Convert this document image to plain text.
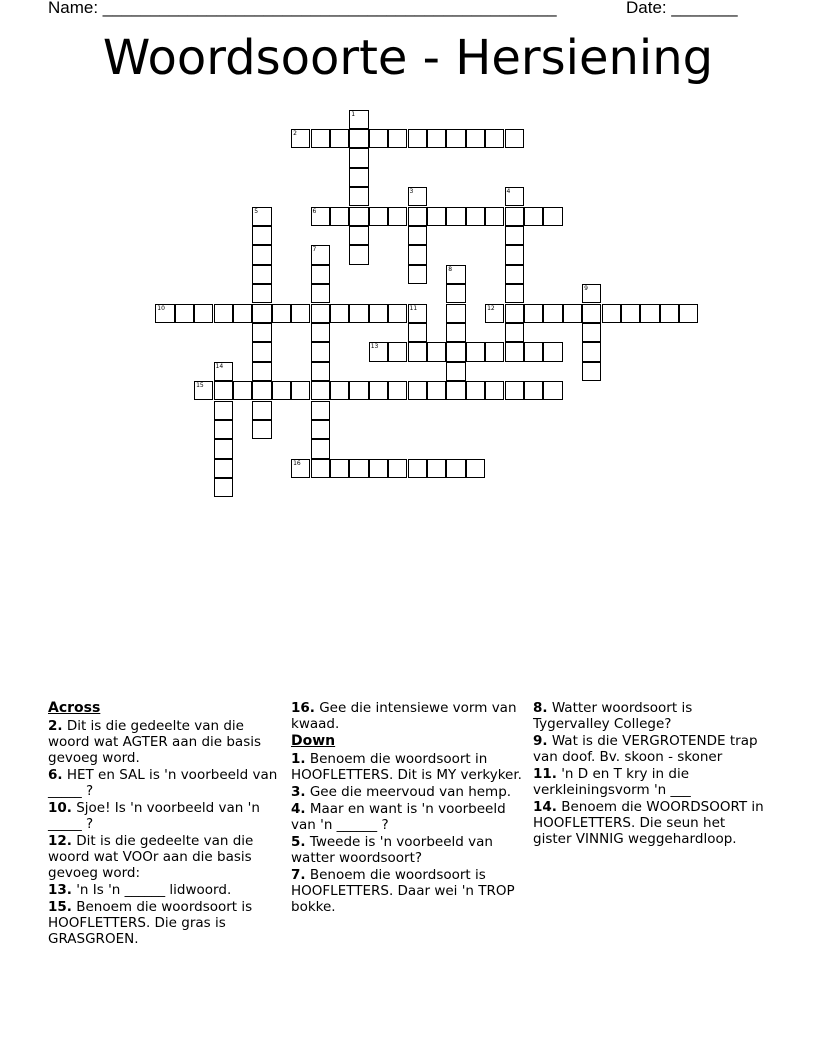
Name: ________________________________________________	Date: _______
Woordsoorte - Hersiening
1
2
3	4
5	6
7
8
9
10	11	12
13
14
15
16
Across
2. Dit is die gedeelte van die woord wat AGTER aan die basis gevoeg word.
6. HET en SAL is 'n voorbeeld van _____ ?
10. Sjoe! Is 'n voorbeeld van 'n _____ ?
12. Dit is die gedeelte van die woord wat VOOr aan die basis gevoeg word:
13. 'n Is 'n ______ lidwoord.
15. Benoem die woordsoort is HOOFLETTERS. Die gras is GRASGROEN.
16. Gee die intensiewe vorm van kwaad.
Down
1. Benoem die woordsoort in HOOFLETTERS. Dit is MY verkyker.
3. Gee die meervoud van hemp.
4. Maar en want is 'n voorbeeld van 'n ______ ?
5. Tweede is 'n voorbeeld van watter woordsoort?
7. Benoem die woordsoort is HOOFLETTERS. Daar wei 'n TROP bokke.
8. Watter woordsoort is Tygervalley College?
9. Wat is die VERGROTENDE trap van doof. Bv. skoon - skoner
11. 'n D en T kry in die verkleiningsvorm 'n ___
14. Benoem die WOORDSOORT in HOOFLETTERS. Die seun het gister VINNIG weggehardloop.
